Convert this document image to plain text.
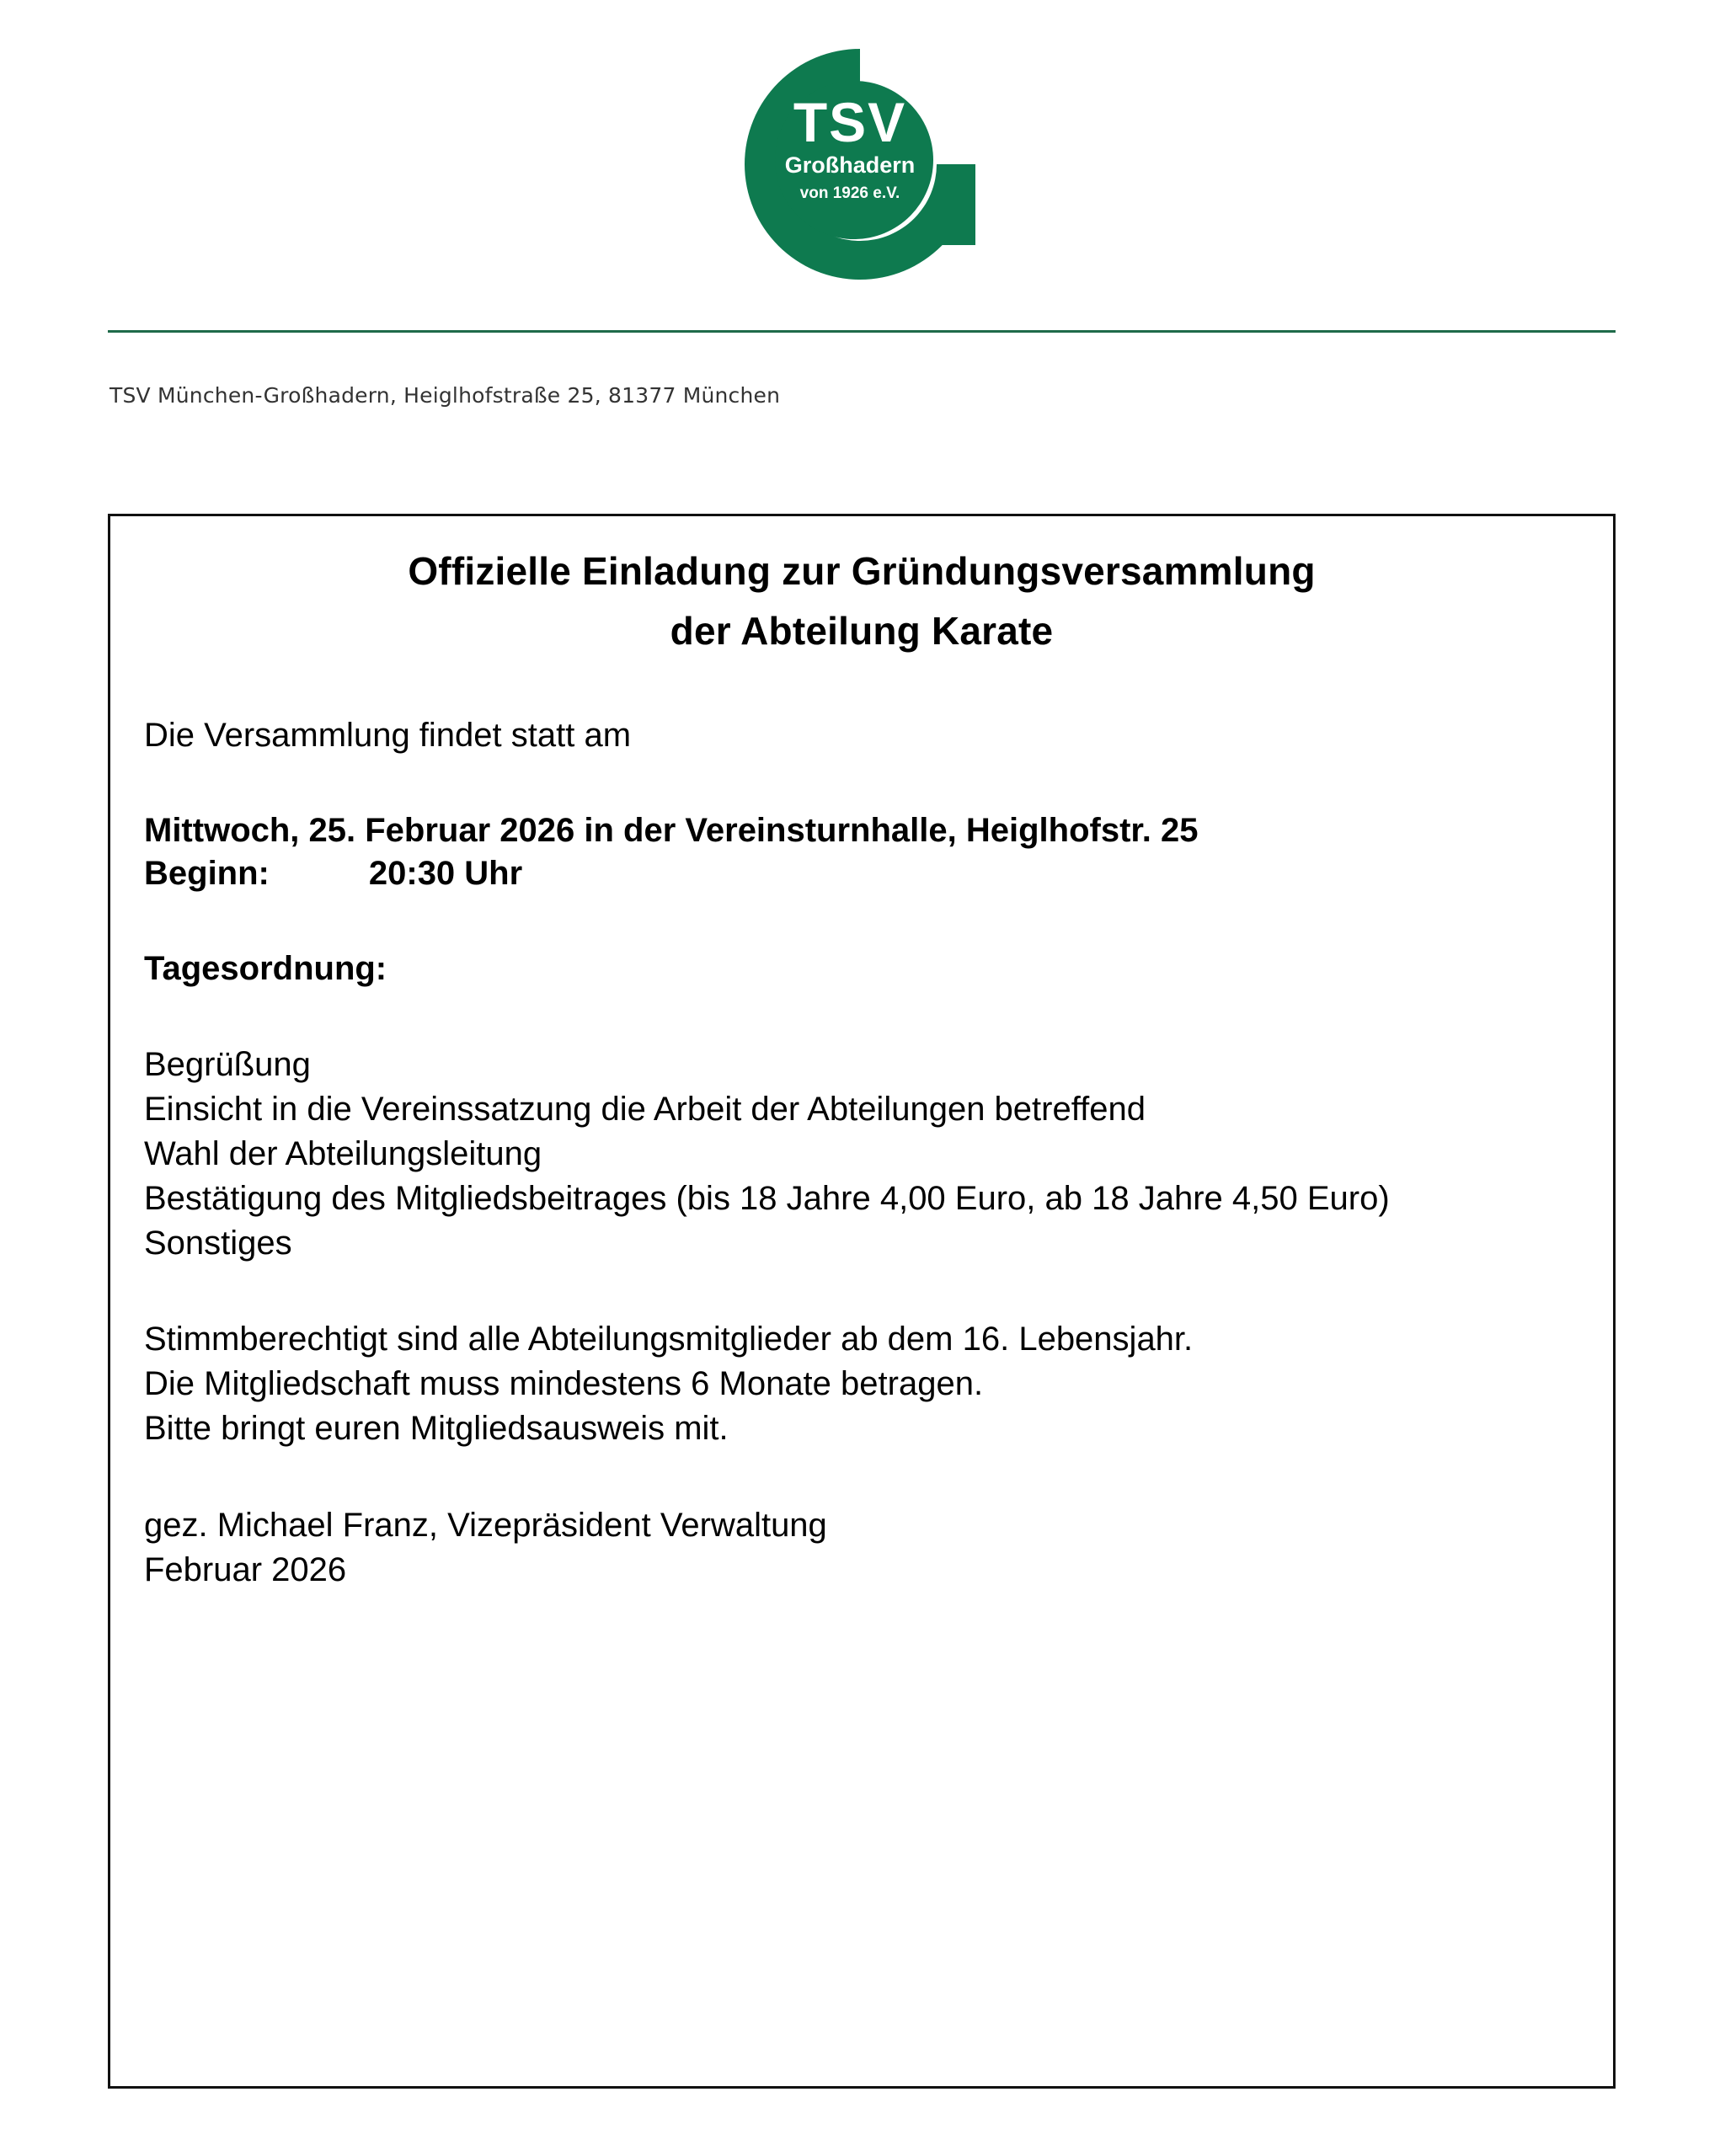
TSV
Großhadern
von 1926 e.V.
TSV München-Großhadern, Heiglhofstraße 25, 81377 München
Offizielle Einladung zur Gründungsversammlung
der Abteilung Karate

Die Versammlung findet statt am

Mittwoch, 25. Februar 2026 in der Vereinsturnhalle, Heiglhofstr. 25

Beginn:	20:30 Uhr

Tagesordnung:

Begrüßung

Einsicht in die Vereinssatzung die Arbeit der Abteilungen betreffend

Wahl der Abteilungsleitung

Bestätigung des Mitgliedsbeitrages (bis 18 Jahre 4,00 Euro, ab 18 Jahre 4,50 Euro)

Sonstiges

Stimmberechtigt sind alle Abteilungsmitglieder ab dem 16. Lebensjahr.

Die Mitgliedschaft muss mindestens 6 Monate betragen.

Bitte bringt euren Mitgliedsausweis mit.

gez. Michael Franz, Vizepräsident Verwaltung

Februar 2026
